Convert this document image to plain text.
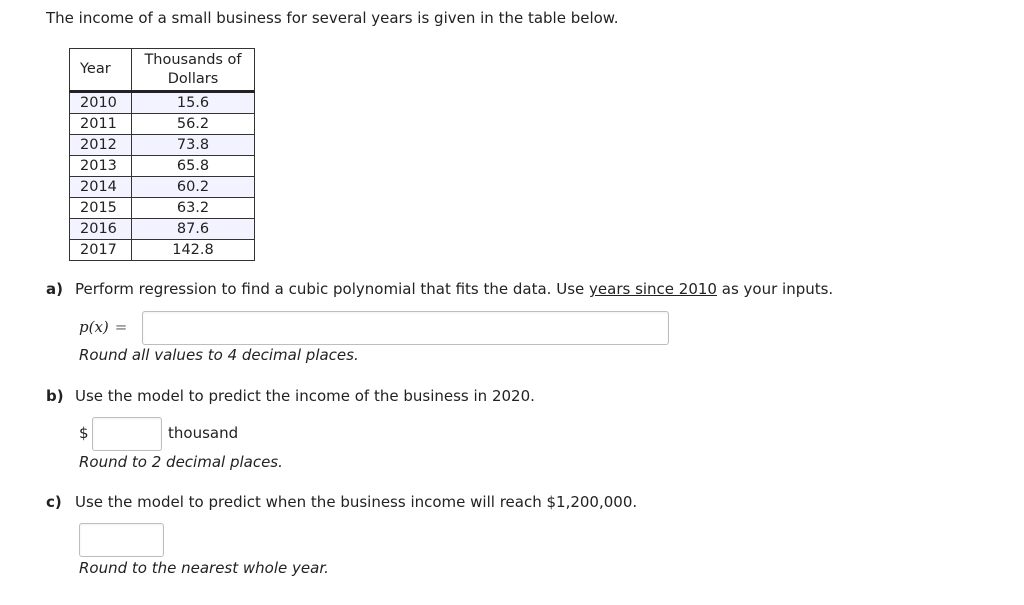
The income of a small business for several years is given in the table below.
Year	Thousands of Dollars
2010	15.6
2011	56.2
2012	73.8
2013	65.8
2014	60.2
2015	63.2
2016	87.6
2017	142.8
a) Perform regression to find a cubic polynomial that fits the data. Use years since 2010 as your inputs.
p(x) =
Round all values to 4 decimal places.
b) Use the model to predict the income of the business in 2020.
$	thousand
Round to 2 decimal places.
c) Use the model to predict when the business income will reach $1,200,000.
Round to the nearest whole year.
